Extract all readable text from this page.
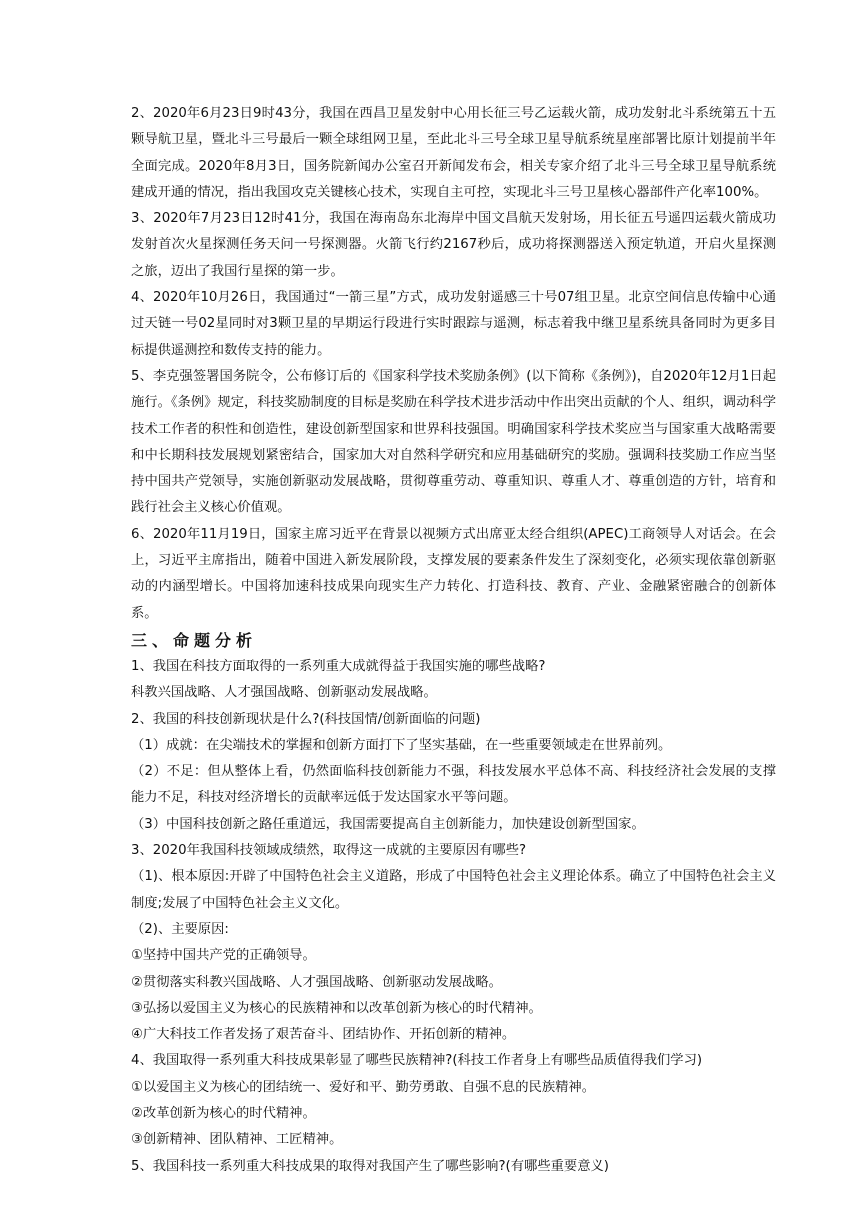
2、2020年6月23日9时43分，我国在西昌卫星发射中心用长征三号乙运载火箭，成功发射北斗系统第五十五颗导航卫星，暨北斗三号最后一颗全球组网卫星，至此北斗三号全球卫星导航系统星座部署比原计划提前半年全面完成。2020年8月3日，国务院新闻办公室召开新闻发布会，相关专家介绍了北斗三号全球卫星导航系统建成开通的情况，指出我国攻克关键核心技术，实现自主可控，实现北斗三号卫星核心器部件产化率100%。

3、2020年7月23日12时41分，我国在海南岛东北海岸中国文昌航天发射场，用长征五号遥四运载火箭成功发射首次火星探测任务天问一号探测器。火箭飞行约2167秒后，成功将探测器送入预定轨道，开启火星探测之旅，迈出了我国行星探的第一步。

4、2020年10月26日，我国通过“一箭三星”方式，成功发射遥感三十号07组卫星。北京空间信息传输中心通过天链一号02星同时对3颗卫星的早期运行段进行实时跟踪与遥测，标志着我中继卫星系统具备同时为更多目标提供遥测控和数传支持的能力。

5、李克强签署国务院令，公布修订后的《国家科学技术奖励条例》(以下简称《条例》)，自2020年12月1日起施行。《条例》规定，科技奖励制度的目标是奖励在科学技术进步活动中作出突出贡献的个人、组织，调动科学技术工作者的积性和创造性，建设创新型国家和世界科技强国。明确国家科学技术奖应当与国家重大战略需要和中长期科技发展规划紧密结合，国家加大对自然科学研究和应用基础研究的奖励。强调科技奖励工作应当坚持中国共产党领导，实施创新驱动发展战略，贯彻尊重劳动、尊重知识、尊重人才、尊重创造的方针，培育和践行社会主义核心价值观。

6、2020年11月19日，国家主席习近平在背景以视频方式出席亚太经合组织(APEC)工商领导人对话会。在会上，习近平主席指出，随着中国进入新发展阶段，支撑发展的要素条件发生了深刻变化，必须实现依靠创新驱动的内涵型增长。中国将加速科技成果向现实生产力转化、打造科技、教育、产业、金融紧密融合的创新体系。

三、命题分析

1、我国在科技方面取得的一系列重大成就得益于我国实施的哪些战略?

科教兴国战略、人才强国战略、创新驱动发展战略。

2、我国的科技创新现状是什么?(科技国情/创新面临的问题)

（1）成就：在尖端技术的掌握和创新方面打下了坚实基础，在一些重要领域走在世界前列。

（2）不足：但从整体上看，仍然面临科技创新能力不强，科技发展水平总体不高、科技经济社会发展的支撑能力不足，科技对经济增长的贡献率远低于发达国家水平等问题。

（3）中国科技创新之路任重道远，我国需要提高自主创新能力，加快建设创新型国家。

3、2020年我国科技领域成绩然，取得这一成就的主要原因有哪些?

（1)、根本原因:开辟了中国特色社会主义道路，形成了中国特色社会主义理论体系。确立了中国特色社会主义制度;发展了中国特色社会主义文化。

（2)、主要原因:

①坚持中国共产党的正确领导。

②贯彻落实科教兴国战略、人才强国战略、创新驱动发展战略。

③弘扬以爱国主义为核心的民族精神和以改革创新为核心的时代精神。

④广大科技工作者发扬了艰苦奋斗、团结协作、开拓创新的精神。

4、我国取得一系列重大科技成果彰显了哪些民族精神?(科技工作者身上有哪些品质值得我们学习)

①以爱国主义为核心的团结统一、爱好和平、勤劳勇敢、自强不息的民族精神。

②改革创新为核心的时代精神。

③创新精神、团队精神、工匠精神。

5、我国科技一系列重大科技成果的取得对我国产生了哪些影响?(有哪些重要意义)
